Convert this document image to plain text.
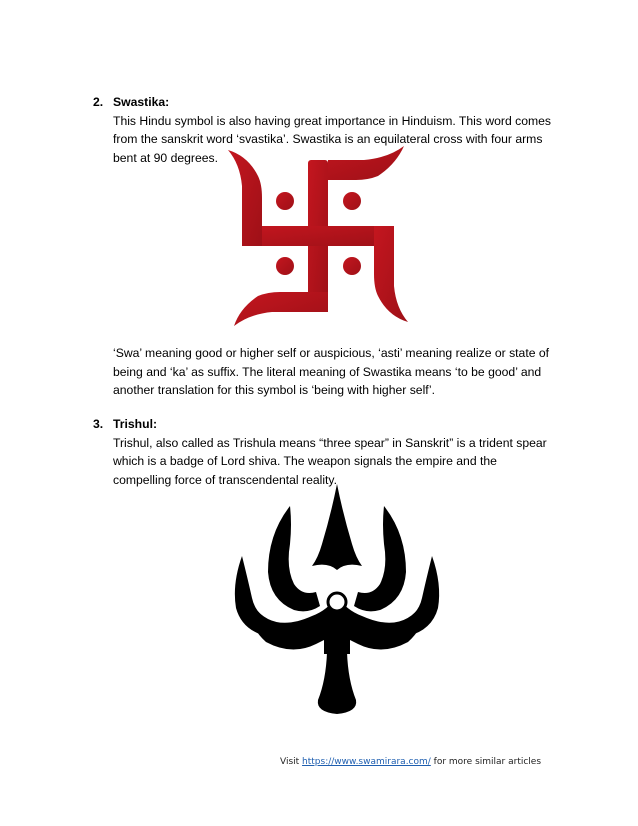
2. Swastika:

This Hindu symbol is also having great importance in Hinduism. This word comes
from the sanskrit word ‘svastika’. Swastika is an equilateral cross with four arms
bent at 90 degrees.

‘Swa’ meaning good or higher self or auspicious, ‘asti’ meaning realize or state of
being and ‘ka’ as suffix. The literal meaning of Swastika means ‘to be good’ and
another translation for this symbol is ‘being with higher self’.

3. Trishul:

Trishul, also called as Trishula means “three spear” in Sanskrit” is a trident spear
which is a badge of Lord shiva. The weapon signals the empire and the
compelling force of transcendental reality.

Visit https://www.swamirara.com/ for more similar articles
